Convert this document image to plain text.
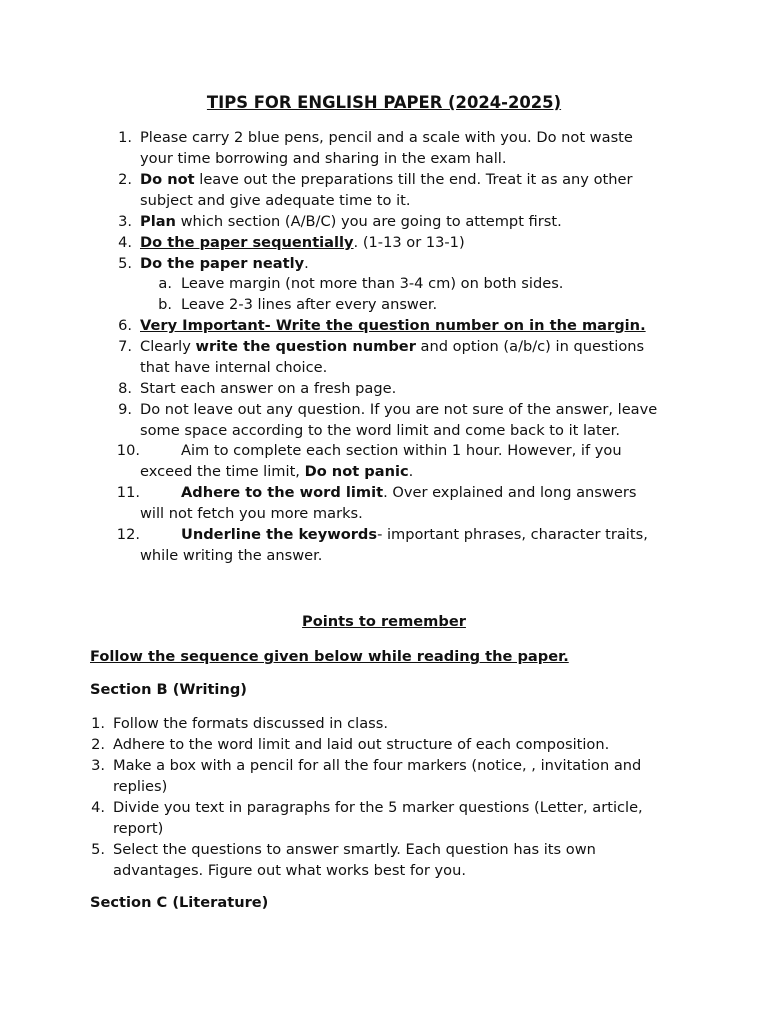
TIPS FOR ENGLISH PAPER (2024-2025)
1. Please carry 2 blue pens, pencil and a scale with you. Do not waste
your time borrowing and sharing in the exam hall.
2. Do not leave out the preparations till the end. Treat it as any other
subject and give adequate time to it.
3. Plan which section (A/B/C) you are going to attempt first.
4. Do the paper sequentially. (1-13 or 13-1)
5. Do the paper neatly.
a. Leave margin (not more than 3-4 cm) on both sides.
b. Leave 2-3 lines after every answer.
6. Very Important- Write the question number on in the margin.
7. Clearly write the question number and option (a/b/c) in questions
that have internal choice.
8. Start each answer on a fresh page.
9. Do not leave out any question. If you are not sure of the answer, leave
some space according to the word limit and come back to it later.
10.	Aim to complete each section within 1 hour. However, if you
exceed the time limit, Do not panic.
11.	Adhere to the word limit. Over explained and long answers
will not fetch you more marks.
12.	Underline the keywords- important phrases, character traits,
while writing the answer.
Points to remember
Follow the sequence given below while reading the paper.
Section B (Writing)
1. Follow the formats discussed in class.
2. Adhere to the word limit and laid out structure of each composition.
3. Make a box with a pencil for all the four markers (notice, , invitation and
replies)
4. Divide you text in paragraphs for the 5 marker questions (Letter, article,
report)
5. Select the questions to answer smartly. Each question has its own
advantages. Figure out what works best for you.
Section C (Literature)
